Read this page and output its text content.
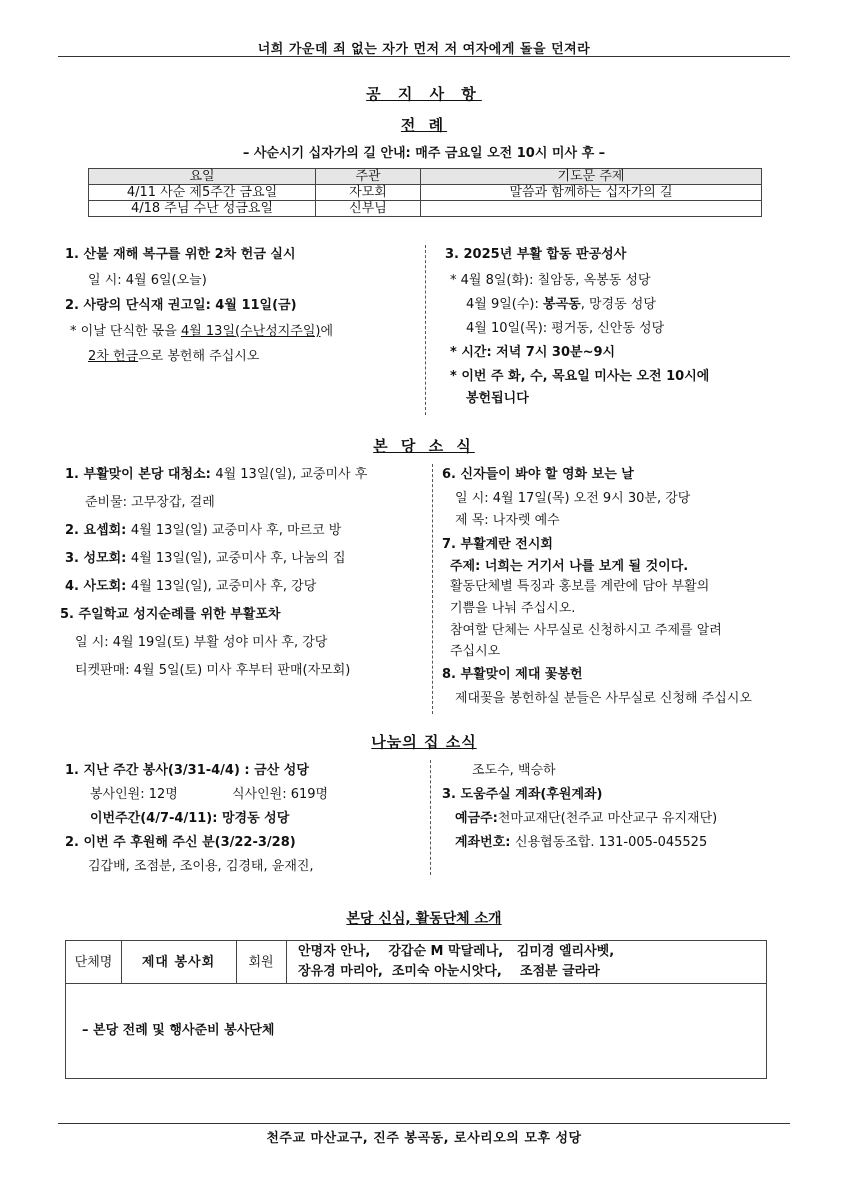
너희 가운데 죄 없는 자가 먼저 저 여자에게 돌을 던져라
공 지 사 항
전 례
– 사순시기 십자가의 길 안내: 매주 금요일 오전 10시 미사 후 –
요일	주관	기도문 주제
4/11 사순 제5주간 금요일	자모회	말씀과 함께하는 십자가의 길
4/18 주님 수난 성금요일	신부님	
1. 산불 재해 복구를 위한 2차 헌금 실시
일 시: 4월 6일(오늘)
2. 사랑의 단식재 권고일: 4월 11일(금)
* 이날 단식한 몫을 4월 13일(수난성지주일)에
2차 헌금으로 봉헌해 주십시오
3. 2025년 부활 합동 판공성사
* 4월 8일(화): 칠암동, 옥봉동 성당
4월 9일(수): 봉곡동, 망경동 성당
4월 10일(목): 평거동, 신안동 성당
* 시간: 저녁 7시 30분~9시
* 이번 주 화, 수, 목요일 미사는 오전 10시에
봉헌됩니다
본 당 소 식
1. 부활맞이 본당 대청소: 4월 13일(일), 교중미사 후
준비물: 고무장갑, 걸레
2. 요셉회: 4월 13일(일) 교중미사 후, 마르코 방
3. 성모회: 4월 13일(일), 교중미사 후, 나눔의 집
4. 사도회: 4월 13일(일), 교중미사 후, 강당
5. 주일학교 성지순례를 위한 부활포차
일 시: 4월 19일(토) 부활 성야 미사 후, 강당
티켓판매: 4월 5일(토) 미사 후부터 판매(자모회)
6. 신자들이 봐야 할 영화 보는 날
일 시: 4월 17일(목) 오전 9시 30분, 강당
제 목: 나자렛 예수
7. 부활계란 전시회
주제: 너희는 거기서 나를 보게 될 것이다.
활동단체별 특징과 홍보를 계란에 담아 부활의
기쁨을 나눠 주십시오.
참여할 단체는 사무실로 신청하시고 주제를 알려
주십시오
8. 부활맞이 제대 꽃봉헌
제대꽃을 봉헌하실 분들은 사무실로 신청해 주십시오
나눔의 집 소식
1. 지난 주간 봉사(3/31-4/4) : 금산 성당
봉사인원: 12명	식사인원: 619명
이번주간(4/7-4/11): 망경동 성당
2. 이번 주 후원해 주신 분(3/22-3/28)
김갑배, 조점분, 조이용, 김경태, 윤재진,
조도수, 백승하
3. 도움주실 계좌(후원계좌)
예금주:천마교재단(천주교 마산교구 유지재단)
계좌번호: 신용협동조합. 131-005-045525
본당 신심, 활동단체 소개
단체명	제대 봉사회	회원
안명자 안나,    강갑순 M 막달레나,   김미경 엘리사벳,
장유경 마리아,  조미숙 아눈시앗다,    조점분 글라라
– 본당 전례 및 행사준비 봉사단체
천주교 마산교구, 진주 봉곡동, 로사리오의 모후 성당
